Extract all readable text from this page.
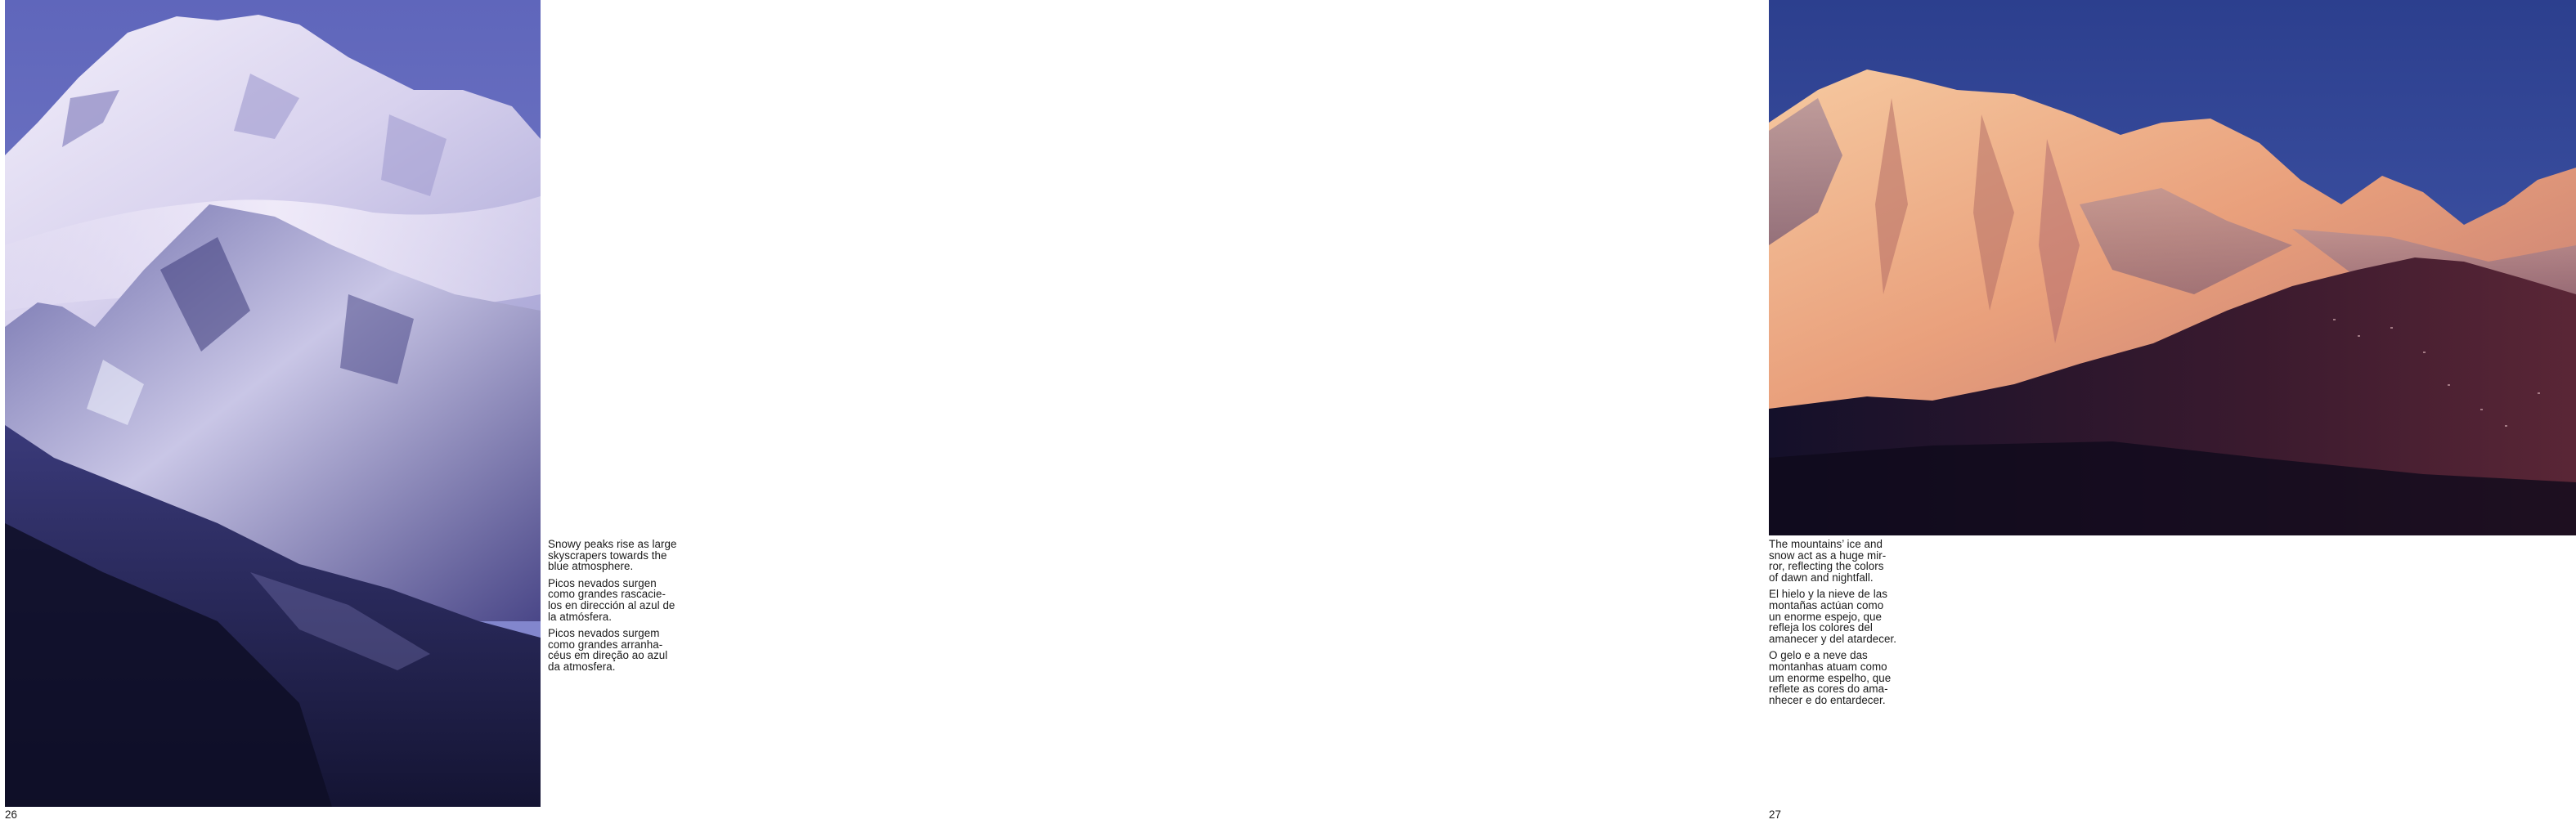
Snowy peaks rise as large
skyscrapers towards the
blue atmosphere.

Picos nevados surgen
como grandes rascacie-
los en dirección al azul de
la atmósfera.

Picos nevados surgem
como grandes arranha-
céus em direção ao azul
da atmosfera.

26

The mountains’ ice and
snow act as a huge mir-
ror, reflecting the colors
of dawn and nightfall.

El hielo y la nieve de las
montañas actúan como
un enorme espejo, que
refleja los colores del
amanecer y del atardecer.

O gelo e a neve das
montanhas atuam como
um enorme espelho, que
reflete as cores do ama-
nhecer e do entardecer.

27
